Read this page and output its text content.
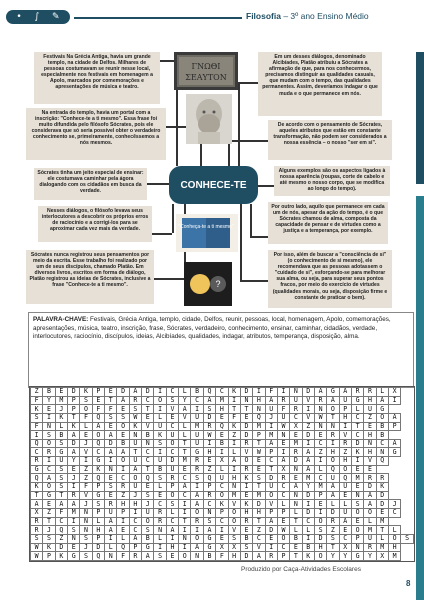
• ∫ ✎	Filosofia – 3º ano Ensino Médio
Festivais Na Grécia Antiga, havia um grande templo, na cidade de Delfos. Milhares de pessoas costumavam se reunir nesse local, especialmente nos festivais em homenagem a Apolo, marcados por comemorações e apresentações de música e teatro.
Na entrada do templo, havia um portal com a inscrição: "Conhece-te a ti mesmo". Essa frase foi muito difundida pelo filósofo Sócrates, pois ele considerava que só seria possível obter o verdadeiro conhecimento se, primeiramente, conhecêssemos a nós mesmos.
Sócrates tinha um jeito especial de ensinar: ele costumava caminhar pela ágora dialogando com os cidadãos em busca da verdade.
Nesses diálogos, o filósofo levava seus interlocutores a descobrir os próprios erros de raciocínio e a corrigi-los para se aproximar cada vez mais da verdade.
Sócrates nunca registrou seus pensamentos por meio da escrita. Esse trabalho foi realizado por um de seus discípulos, chamado Platão. Em diversos livros, escritos em forma de diálogo, Platão registrou as ideias de Sócrates, inclusive a frase "Conhece-te a ti mesmo".
Em um desses diálogos, denominado Alcibíades, Platão atribuiu a Sócrates a afirmação de que, para nos conhecermos, precisamos distinguir as qualidades casuais, que mudam com o tempo, das qualidades permanentes. Assim, deveríamos indagar o que muda e o que permanece em nós.
De acordo com o pensamento de Sócrates, aqueles atributos que estão em constante transformação, não podem ser considerados a nossa essência – o nosso "ser em si".
Alguns exemplos são os aspectos ligados à nossa aparência (roupas, corte de cabelo e até mesmo o nosso corpo, que se modifica ao longo do tempo).
Por outro lado, aquilo que permanece em cada um de nós, apesar da ação do tempo, é o que Sócrates chamou de alma, composta da capacidade de pensar e de virtudes como a justiça e a temperança, por exemplo.
Por isso, além de buscar a "consciência de si" (o conhecimento de si mesmo), ele recomendava que as pessoas adotassem o "cuidado de si", esforçando-se para melhorar sua alma, ou seja, para superar seus pontos fracos, por meio do exercício de virtudes (qualidades morais, ou seja, disposição firme e constante de praticar o bem).
ΓΝΩΘΙ
ΣΕΑΥΤΟΝ
CONHECE-TE
"Conheça-te a ti mesmo"
?
PALAVRA-CHAVE: Festivais, Grécia Antiga, templo, cidade, Delfos, reunir, pessoas, local, homenagem, Apolo, comemorações, apresentações, música, teatro, inscrição, frase, Sócrates, verdadeiro, conhecimento, ensinar, caminhar, cidadãos, verdade, interlocutores, raciocínio, discípulos, ideias, Alcibíades, qualidades, indagar, atributos, temperança, disposição, alma.
Z	B	E	D	K	P	E	D	A	D	I	C	L	B	Q	C	K	D	I	F	I	N	D	A	G	A	R	R	L	X	
F	Y	M	P	S	E	T	A	R	C	O	S	Y	C	A	M	I	N	H	A	R	U	V	R	A	U	G	H	A	I	
K	E	J	P	O	F	F	E	S	T	I	V	A	I	S	H	T	T	N	U	F	R	I	N	O	P	L	U	G		
S	I	K	T	F	Q	S	S	W	E	L	E	V	U	D	E	F	E	Q	J	U	C	V	W	T	H	C	Z	O	A	
F	N	L	K	L	A	E	O	K	V	U	C	L	M	R	Q	K	D	M	I	W	X	Z	N	N	I	T	E	B	P	
I	S	B	A	E	O	A	E	N	B	K	U	L	U	W	E	Z	D	P	M	N	E	D	E	R	V	C	H	B		
Q	O	S	D	J	Q	D	B	U	N	S	O	T	U	I	B	I	R	T	A	E	M	I	C	I	R	D	N	C	A	
C	R	G	A	V	C	A	A	T	C	I	C	T	G	H	I	L	V	W	P	I	R	A	Z	H	Z	K	H	N	G	
R	I	U	Y	I	G	I	O	U	C	U	D	M	R	E	X	A	O	E	C	A	D	A	I	O	H	I	V	Q		
G	C	S	E	Z	K	N	I	A	T	B	U	E	R	Z	L	I	R	E	T	X	N	A	L	Q	O	E	E			
Q	A	S	J	Z	Q	E	C	O	Q	S	R	C	S	Q	U	H	K	S	D	R	E	M	C	U	Q	M	R	R		
K	O	S	I	F	P	S	R	U	E	L	P	A	I	P	C	N	I	T	U	C	A	Y	M	A	U	E	D	K		
T	G	T	R	V	G	E	Z	J	S	E	O	C	A	R	O	M	E	M	O	C	N	D	P	A	E	N	A	D		
A	E	A	A	J	S	R	H	H	J	C	S	I	A	C	K	V	K	D	V	L	N	I	E	L	L	S	A	D	J	
X	Z	F	M	N	P	U	P	I	U	R	L	I	O	N	P	O	H	H	P	P	L	D	I	D	U	O	O	E	C	
R	T	C	I	N	L	A	I	C	O	R	C	T	R	S	C	O	R	T	A	E	T	C	O	R	A	E	L	M		
R	J	Q	S	N	H	A	E	C	S	N	A	I	I	A	I	V	E	Z	D	W	L	L	S	Z	E	O	M	T	L	
S	S	Z	N	S	P	I	L	A	B	L	I	N	O	G	E	S	B	C	E	O	B	I	D	S	C	P	U	L	O	S
W	K	D	E	J	D	L	Q	P	G	I	H	I	A	G	X	X	S	V	I	C	E	B	H	T	X	N	R	M	H	
W	P	K	G	S	Q	N	F	R	A	S	E	O	N	B	F	H	D	A	R	P	T	K	O	Y	Y	G	Y	X	M	
Produzido por Caça-Atividades Escolares
8
